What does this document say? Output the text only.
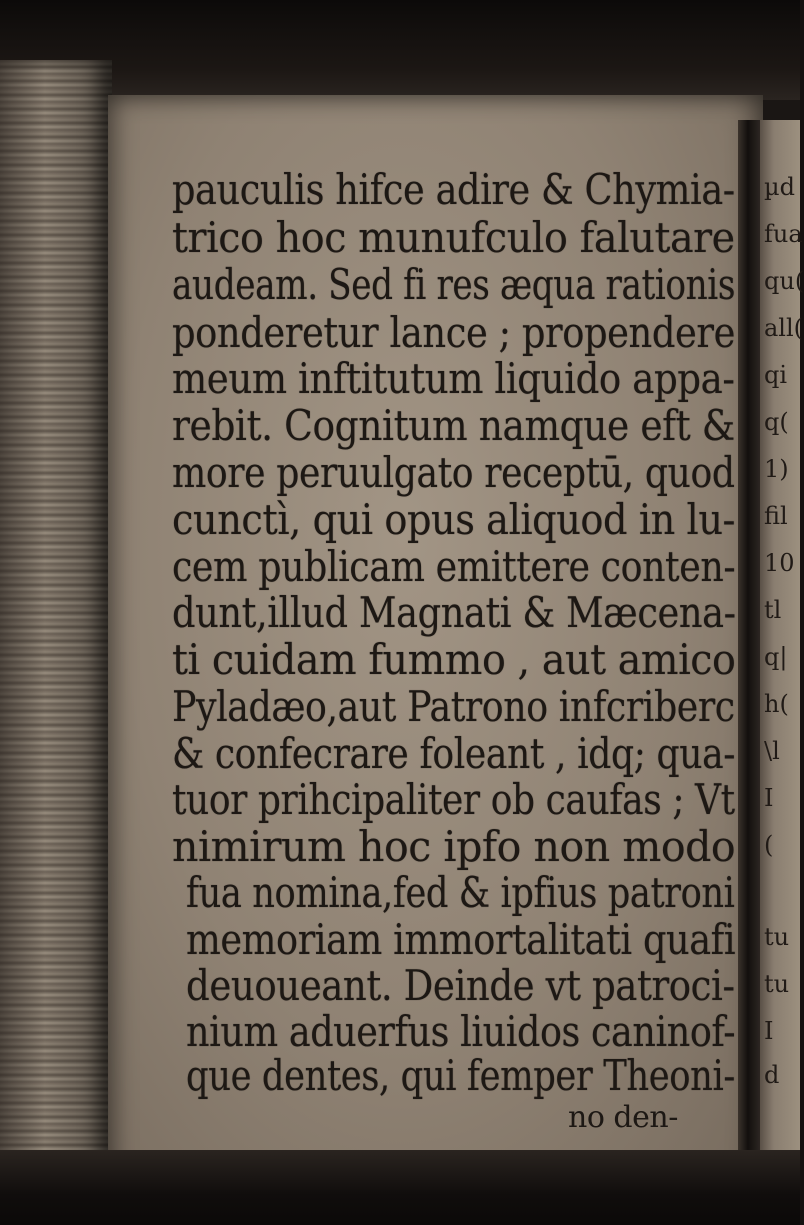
pauculis hifce adire & Chymia-
trico hoc munufculo falutare
audeam. Sed fi res æqua rationis
ponderetur lance ; propendere
meum inftitutum liquido appa-
rebit. Cognitum namque eft &
more peruulgato receptū, quod
cunctì, qui opus aliquod in lu-
cem publicam emittere conten-
dunt,illud Magnati & Mæcena-
ti cuidam fummo , aut amico
Pyladæo,aut Patrono infcriberc
& confecrare foleant , idq; qua-
tuor prihcipaliter ob caufas ; Vt
nimirum hoc ipfo non modo
fua nomina,fed & ipfius patroni
memoriam immortalitati quafi
deuoueant. Deinde vt patroci-
nium aduerfus liuidos caninof-
que dentes, qui femper Theoni-
no den-
µd
fua
qu(
all(
qi
q(
1)
fil
10
tl
q|
h(
\l
I
(
tu
tu
I
d
